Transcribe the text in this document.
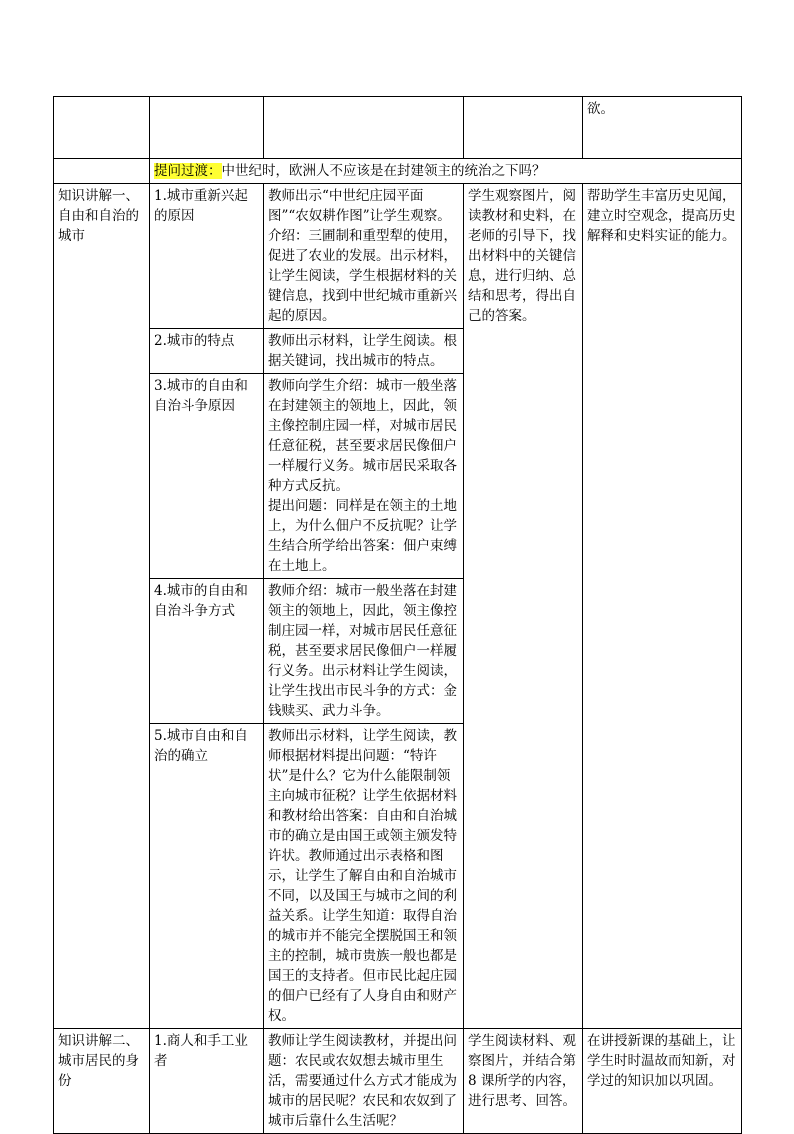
				欲。
	提问过渡：中世纪时，欧洲人不应该是在封建领主的统治之下吗？			
知识讲解一、自由和自治的城市	1.城市重新兴起的原因	教师出示“中世纪庄园平面图”“农奴耕作图”让学生观察。
介绍：三圃制和重型犁的使用，促进了农业的发展。出示材料，让学生阅读，学生根据材料的关键信息，找到中世纪城市重新兴起的原因。	学生观察图片，阅读教材和史料，在老师的引导下，找出材料中的关键信息，进行归纳、总结和思考，得出自己的答案。	帮助学生丰富历史见闻，建立时空观念，提高历史解释和史料实证的能力。
	2.城市的特点	教师出示材料，让学生阅读。根据关键词，找出城市的特点。		
	3.城市的自由和自治斗争原因	教师向学生介绍：城市一般坐落在封建领主的领地上，因此，领主像控制庄园一样，对城市居民任意征税，甚至要求居民像佃户一样履行义务。城市居民采取各种方式反抗。
提出问题：同样是在领主的土地上，为什么佃户不反抗呢？让学生结合所学给出答案：佃户束缚在土地上。		

	4.城市的自由和自治斗争方式	教师介绍：城市一般坐落在封建领主的领地上，因此，领主像控制庄园一样，对城市居民任意征税，甚至要求居民像佃户一样履行义务。出示材料让学生阅读，让学生找出市民斗争的方式：金钱赎买、武力斗争。		
	5.城市自由和自治的确立	教师出示材料，让学生阅读，教师根据材料提出问题：“特许状”是什么？它为什么能限制领主向城市征税？让学生依据材料和教材给出答案：自由和自治城市的确立是由国王或领主颁发特许状。教师通过出示表格和图示，让学生了解自由和自治城市不同，以及国王与城市之间的利益关系。让学生知道：取得自治的城市并不能完全摆脱国王和领主的控制，城市贵族一般也都是国王的支持者。但市民比起庄园的佃户已经有了人身自由和财产权。		
知识讲解二、城市居民的身份	1.商人和手工业者	教师让学生阅读教材，并提出问题：农民或农奴想去城市里生活，需要通过什么方式才能成为城市的居民呢？农民和农奴到了城市后靠什么生活呢？	学生阅读材料、观察图片，并结合第 8 课所学的内容，进行思考、回答。	在讲授新课的基础上，让学生时时温故而知新，对学过的知识加以巩固。
